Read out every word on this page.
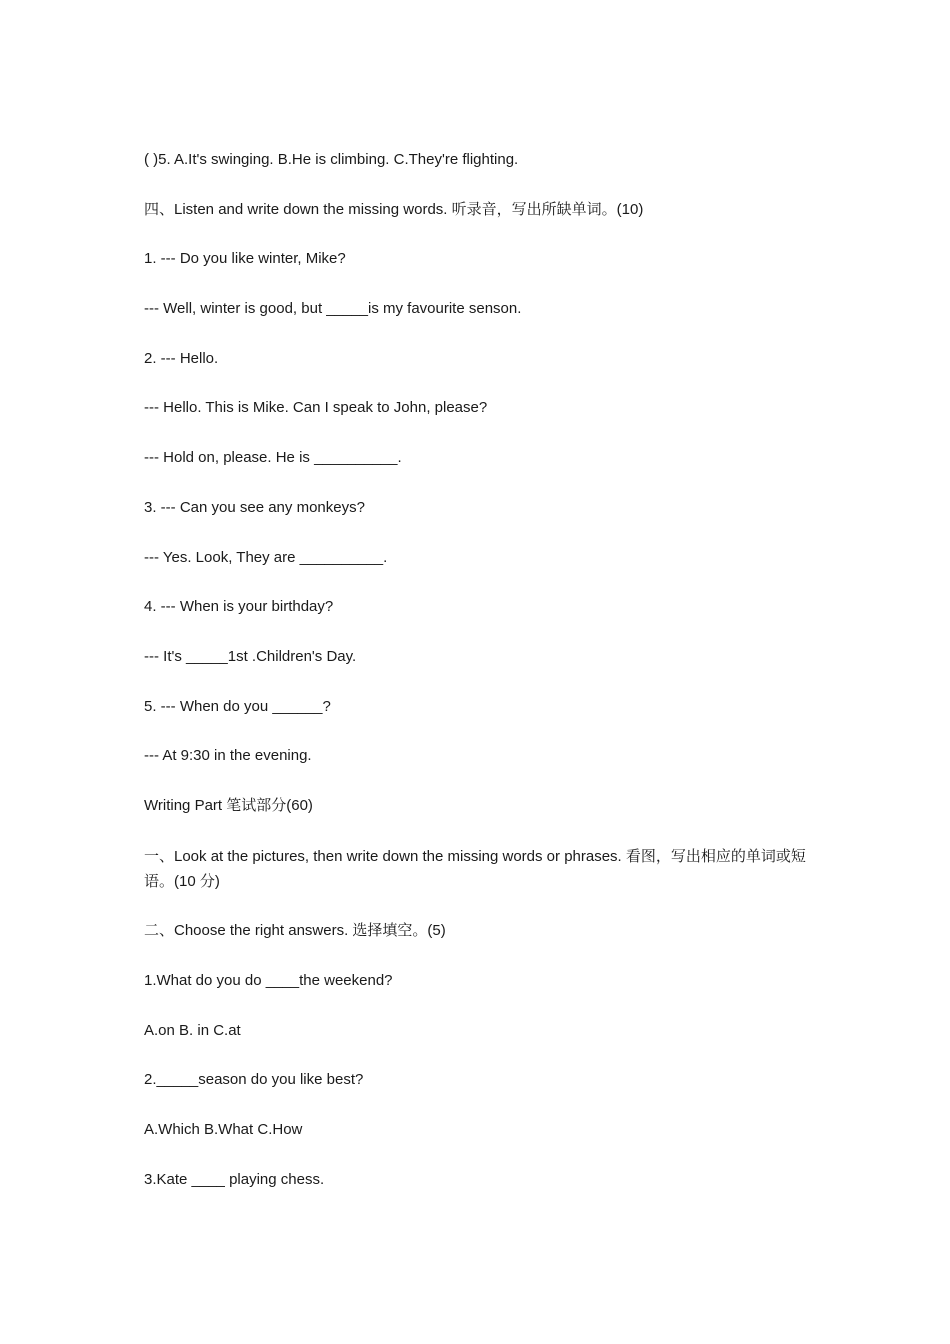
( )5. A.It's swinging. B.He is climbing. C.They're flighting.

四、Listen and write down the missing words. 听录音，写出所缺单词。(10)

1. --- Do you like winter, Mike?

--- Well, winter is good, but _____is my favourite senson.

2. --- Hello.

--- Hello. This is Mike. Can I speak to John, please?

--- Hold on, please. He is __________.

3. --- Can you see any monkeys?

--- Yes. Look, They are __________.

4. --- When is your birthday?

--- It's _____1st .Children's Day.

5. --- When do you ______?

--- At 9:30 in the evening.

Writing Part 笔试部分(60)

一、Look at the pictures, then write down the missing words or phrases. 看图，写出相应的单词或短语。(10 分)

二、Choose the right answers. 选择填空。(5)

1.What do you do ____the weekend?

A.on B. in C.at

2._____season do you like best?

A.Which B.What C.How

3.Kate ____ playing chess.
